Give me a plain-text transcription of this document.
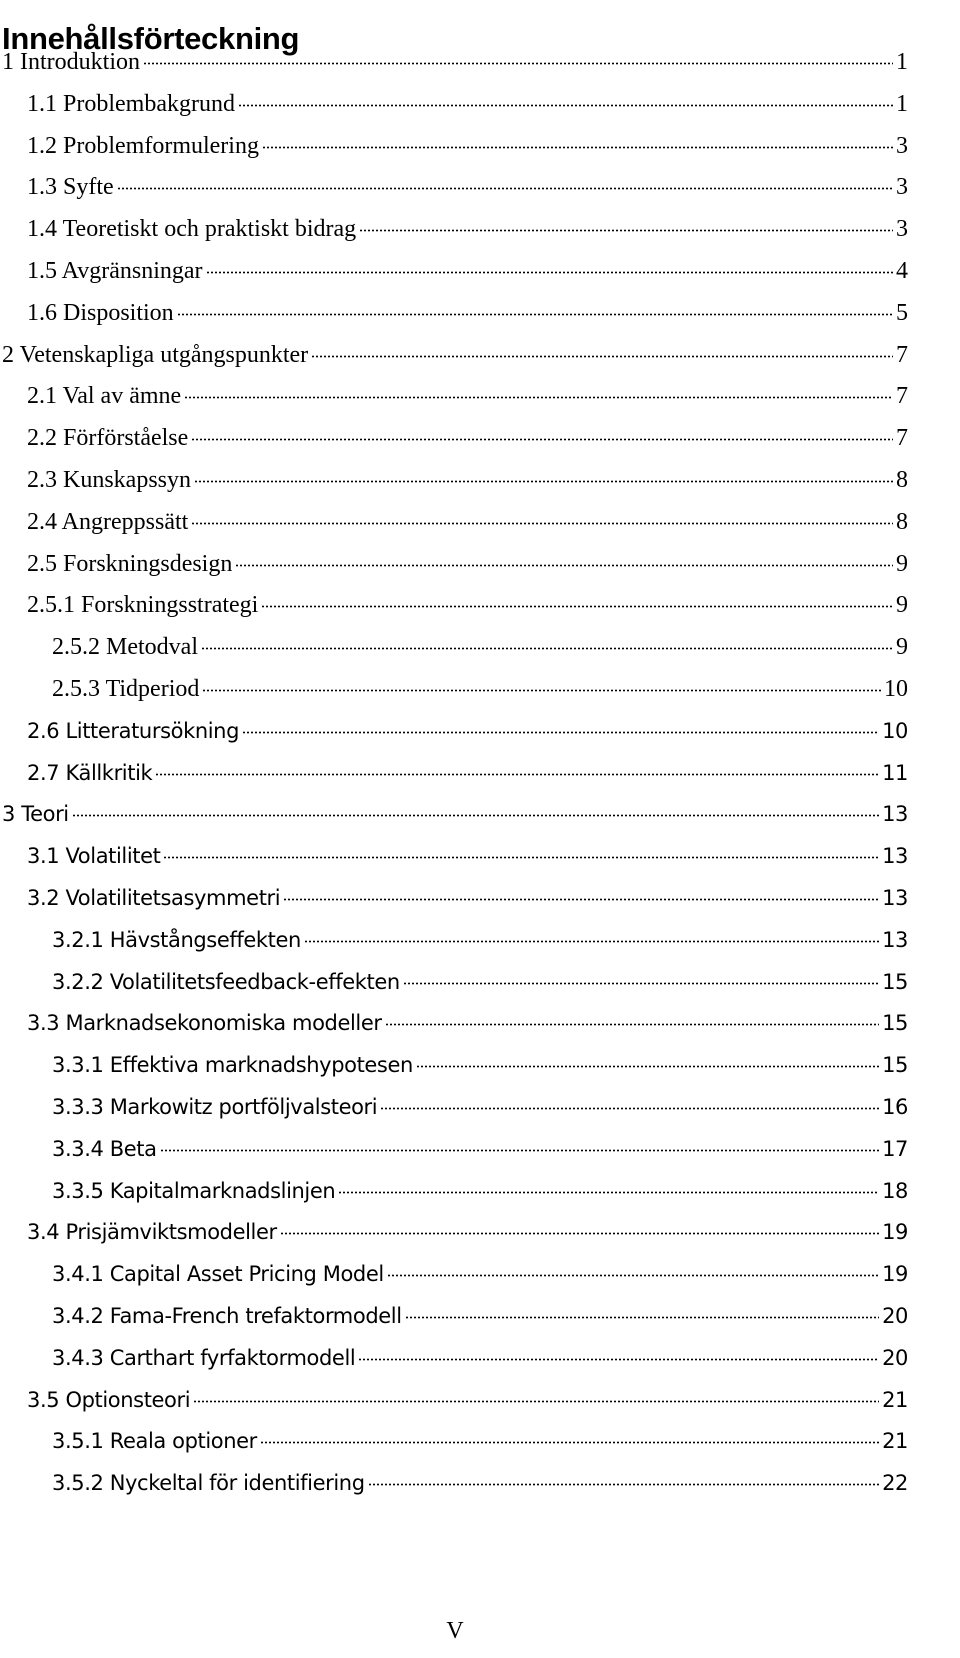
Innehållsförteckning
1 Introduktion	1
1.1 Problembakgrund	1
1.2 Problemformulering	3
1.3 Syfte	3
1.4 Teoretiskt och praktiskt bidrag	3
1.5 Avgränsningar	4
1.6 Disposition	5
2 Vetenskapliga utgångspunkter	7
2.1 Val av ämne	7
2.2 Förförståelse	7
2.3 Kunskapssyn	8
2.4 Angreppssätt	8
2.5 Forskningsdesign	9
2.5.1 Forskningsstrategi	9
2.5.2 Metodval	9
2.5.3 Tidperiod	10
2.6 Litteratursökning	10
2.7 Källkritik	11
3 Teori	13
3.1 Volatilitet	13
3.2 Volatilitetsasymmetri	13
3.2.1 Hävstångseffekten	13
3.2.2 Volatilitetsfeedback-effekten	15
3.3 Marknadsekonomiska modeller	15
3.3.1 Effektiva marknadshypotesen	15
3.3.3 Markowitz portföljvalsteori	16
3.3.4 Beta	17
3.3.5 Kapitalmarknadslinjen	18
3.4 Prisjämviktsmodeller	19
3.4.1 Capital Asset Pricing Model	19
3.4.2 Fama-French trefaktormodell	20
3.4.3 Carthart fyrfaktormodell	20
3.5 Optionsteori	21
3.5.1 Reala optioner	21
3.5.2 Nyckeltal för identifiering	22
V
